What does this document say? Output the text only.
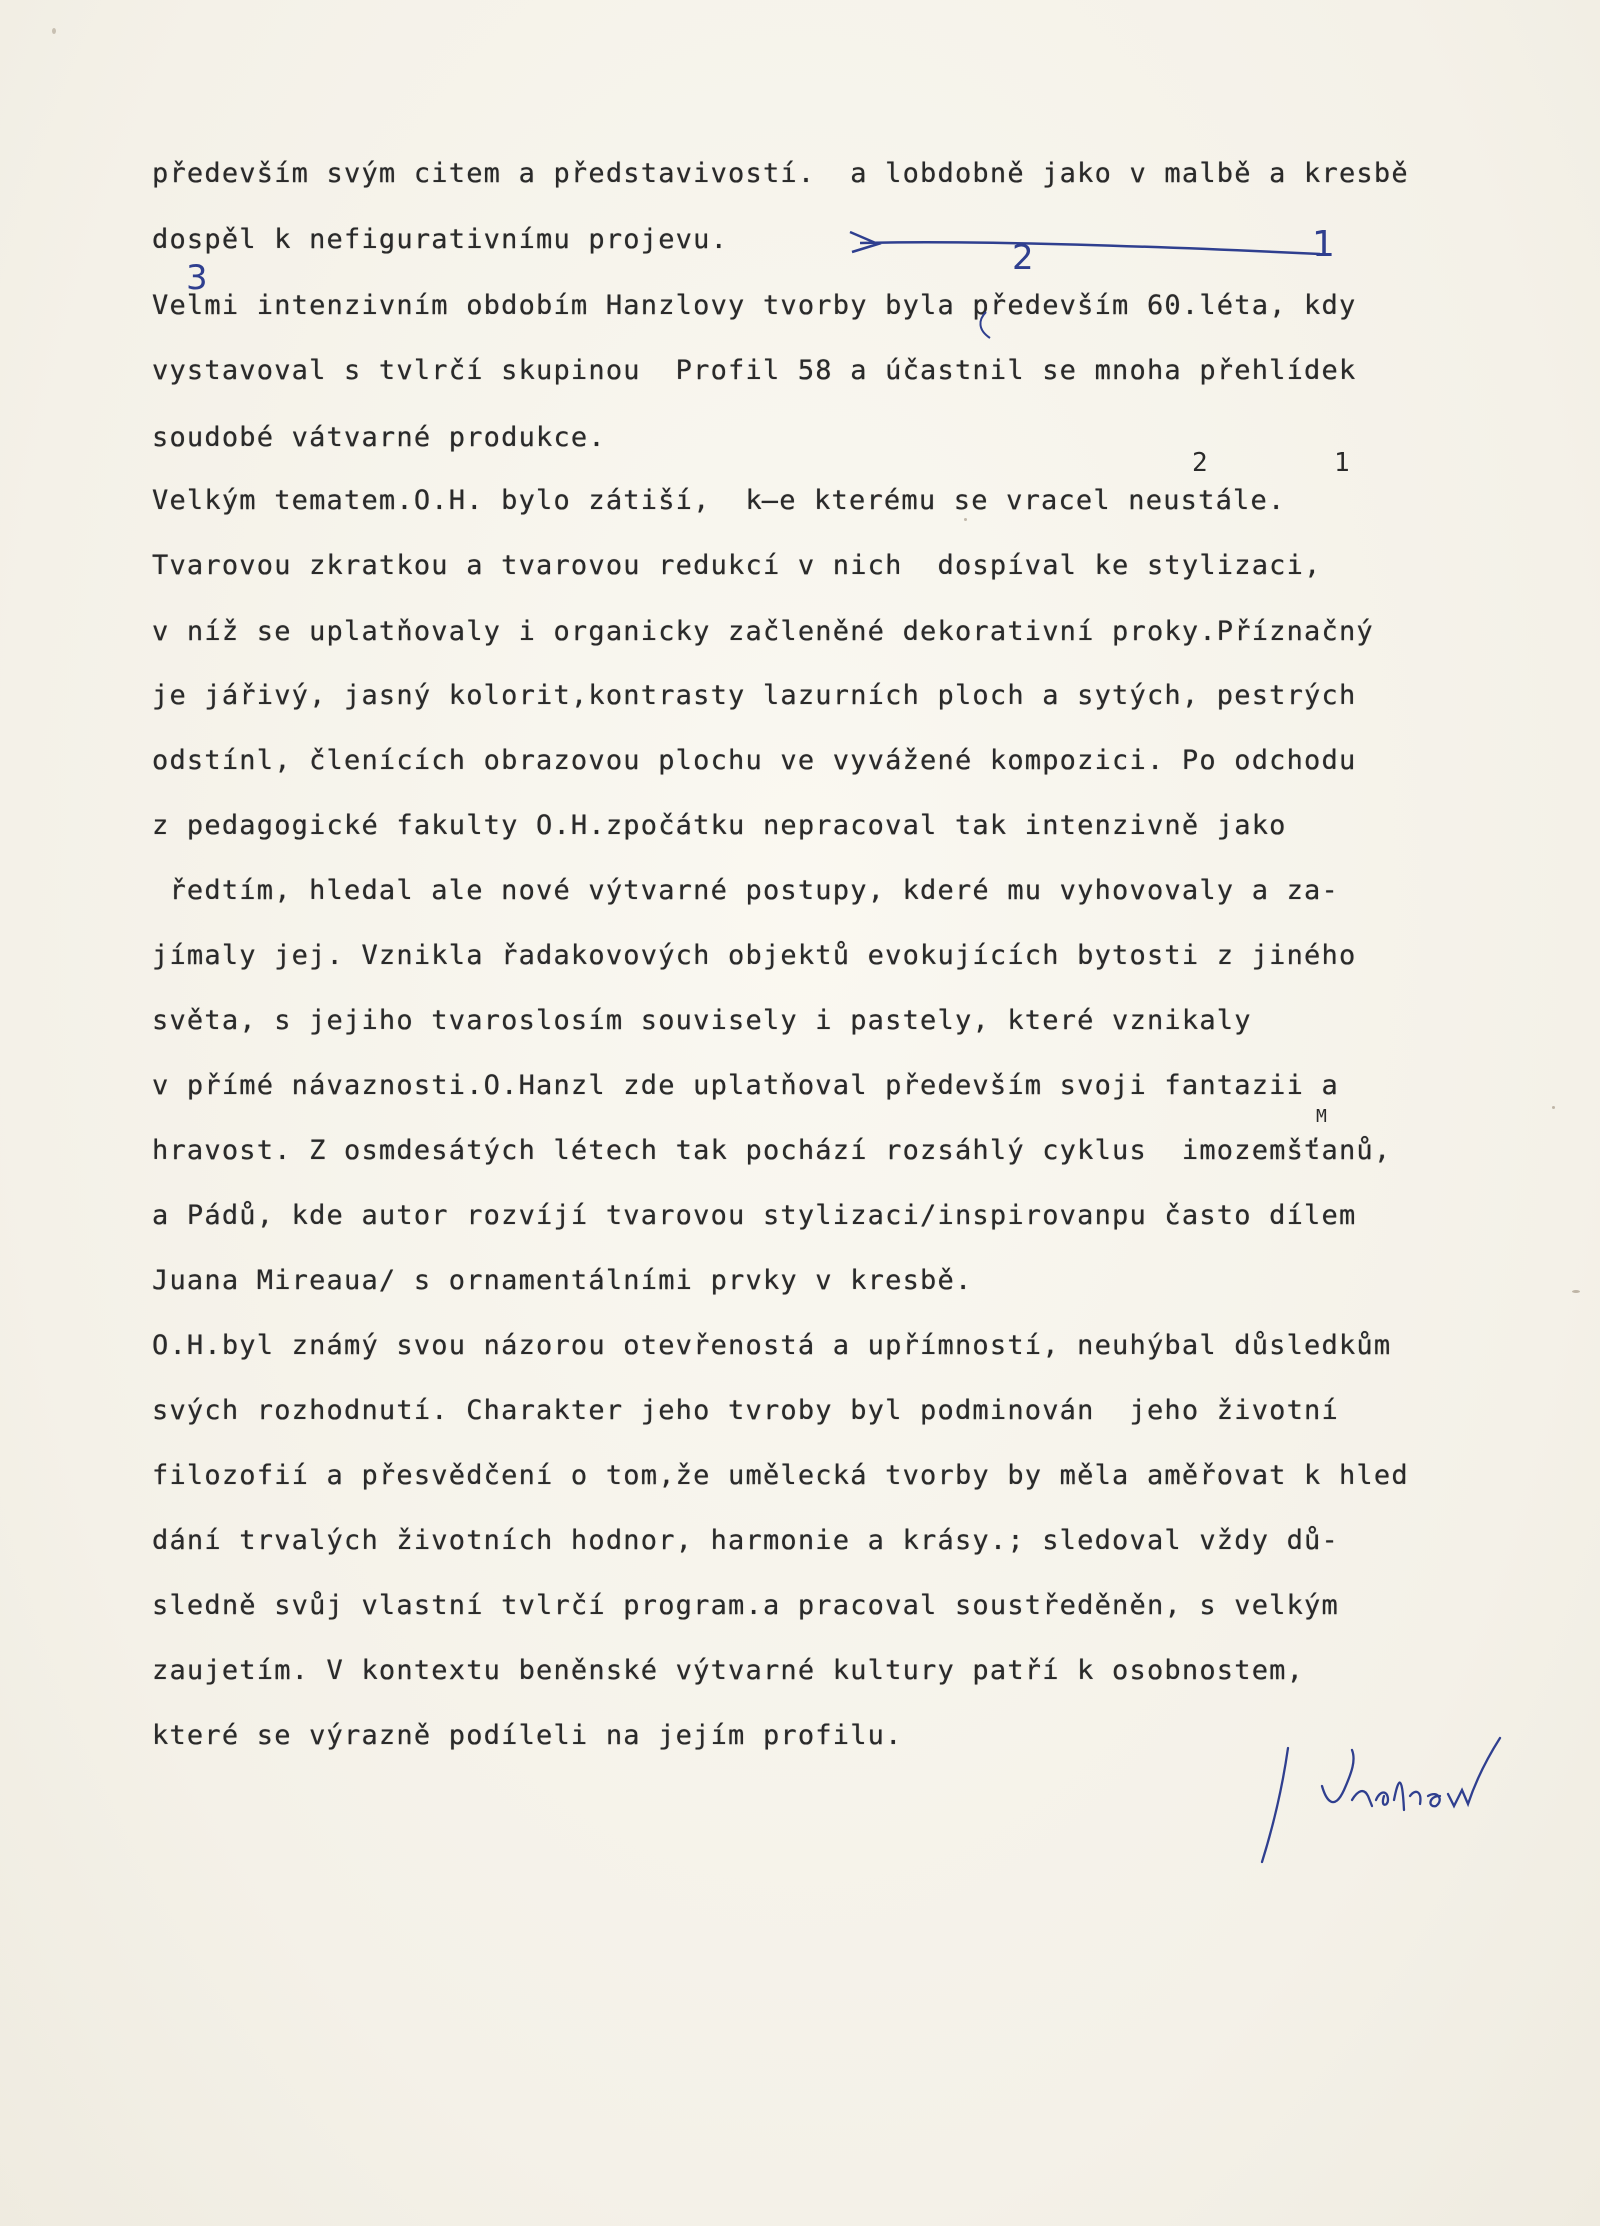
především svým citem a představivostí.  a lobdobně jako v malbě a kresbě
dospěl k nefigurativnímu projevu.
Velmi intenzivním obdobím Hanzlovy tvorby byla především 60.léta, kdy
vystavoval s tvlrčí skupinou  Profil 58 a účastnil se mnoha přehlídek
soudobé vátvarné produkce.
2	1
Velkým tematem.O.H. bylo zátiší,  k̶e kterému se vracel neustále.
Tvarovou zkratkou a tvarovou redukcí v nich  dospíval ke stylizaci,
v níž se uplatňovaly i organicky začleněné dekorativní proky.Příznačný
je jářivý, jasný kolorit,kontrasty lazurních ploch a sytých, pestrých
odstínl, členících obrazovou plochu ve vyvážené kompozici. Po odchodu
z pedagogické fakulty O.H.zpočátku nepracoval tak intenzivně jako
ředtím, hledal ale nové výtvarné postupy, kderé mu vyhovovaly a za-
jímaly jej. Vznikla řadakovových objektů evokujících bytosti z jiného
světa, s jejiho tvaroslosím souvisely i pastely, které vznikaly
v přímé návaznosti.O.Hanzl zde uplatňoval především svoji fantazii a
M
hravost. Z osmdesátých létech tak pochází rozsáhlý cyklus  imozemšťanů,
a Pádů, kde autor rozvíjí tvarovou stylizaci/inspirovanpu často dílem
Juana Mireaua/ s ornamentálními prvky v kresbě.
O.H.byl známý svou názorou otevřenostá a upřímností, neuhýbal důsledkům
svých rozhodnutí. Charakter jeho tvroby byl podminován  jeho životní
filozofií a přesvědčení o tom,že umělecká tvorby by měla aměřovat k hled
dání trvalých životních hodnor, harmonie a krásy.; sledoval vždy dů-
sledně svůj vlastní tvlrčí program.a pracoval soustředěněn, s velkým
zaujetím. V kontextu beněnské výtvarné kultury patří k osobnostem,
které se výrazně podíleli na jejím profilu.
3	2	1
